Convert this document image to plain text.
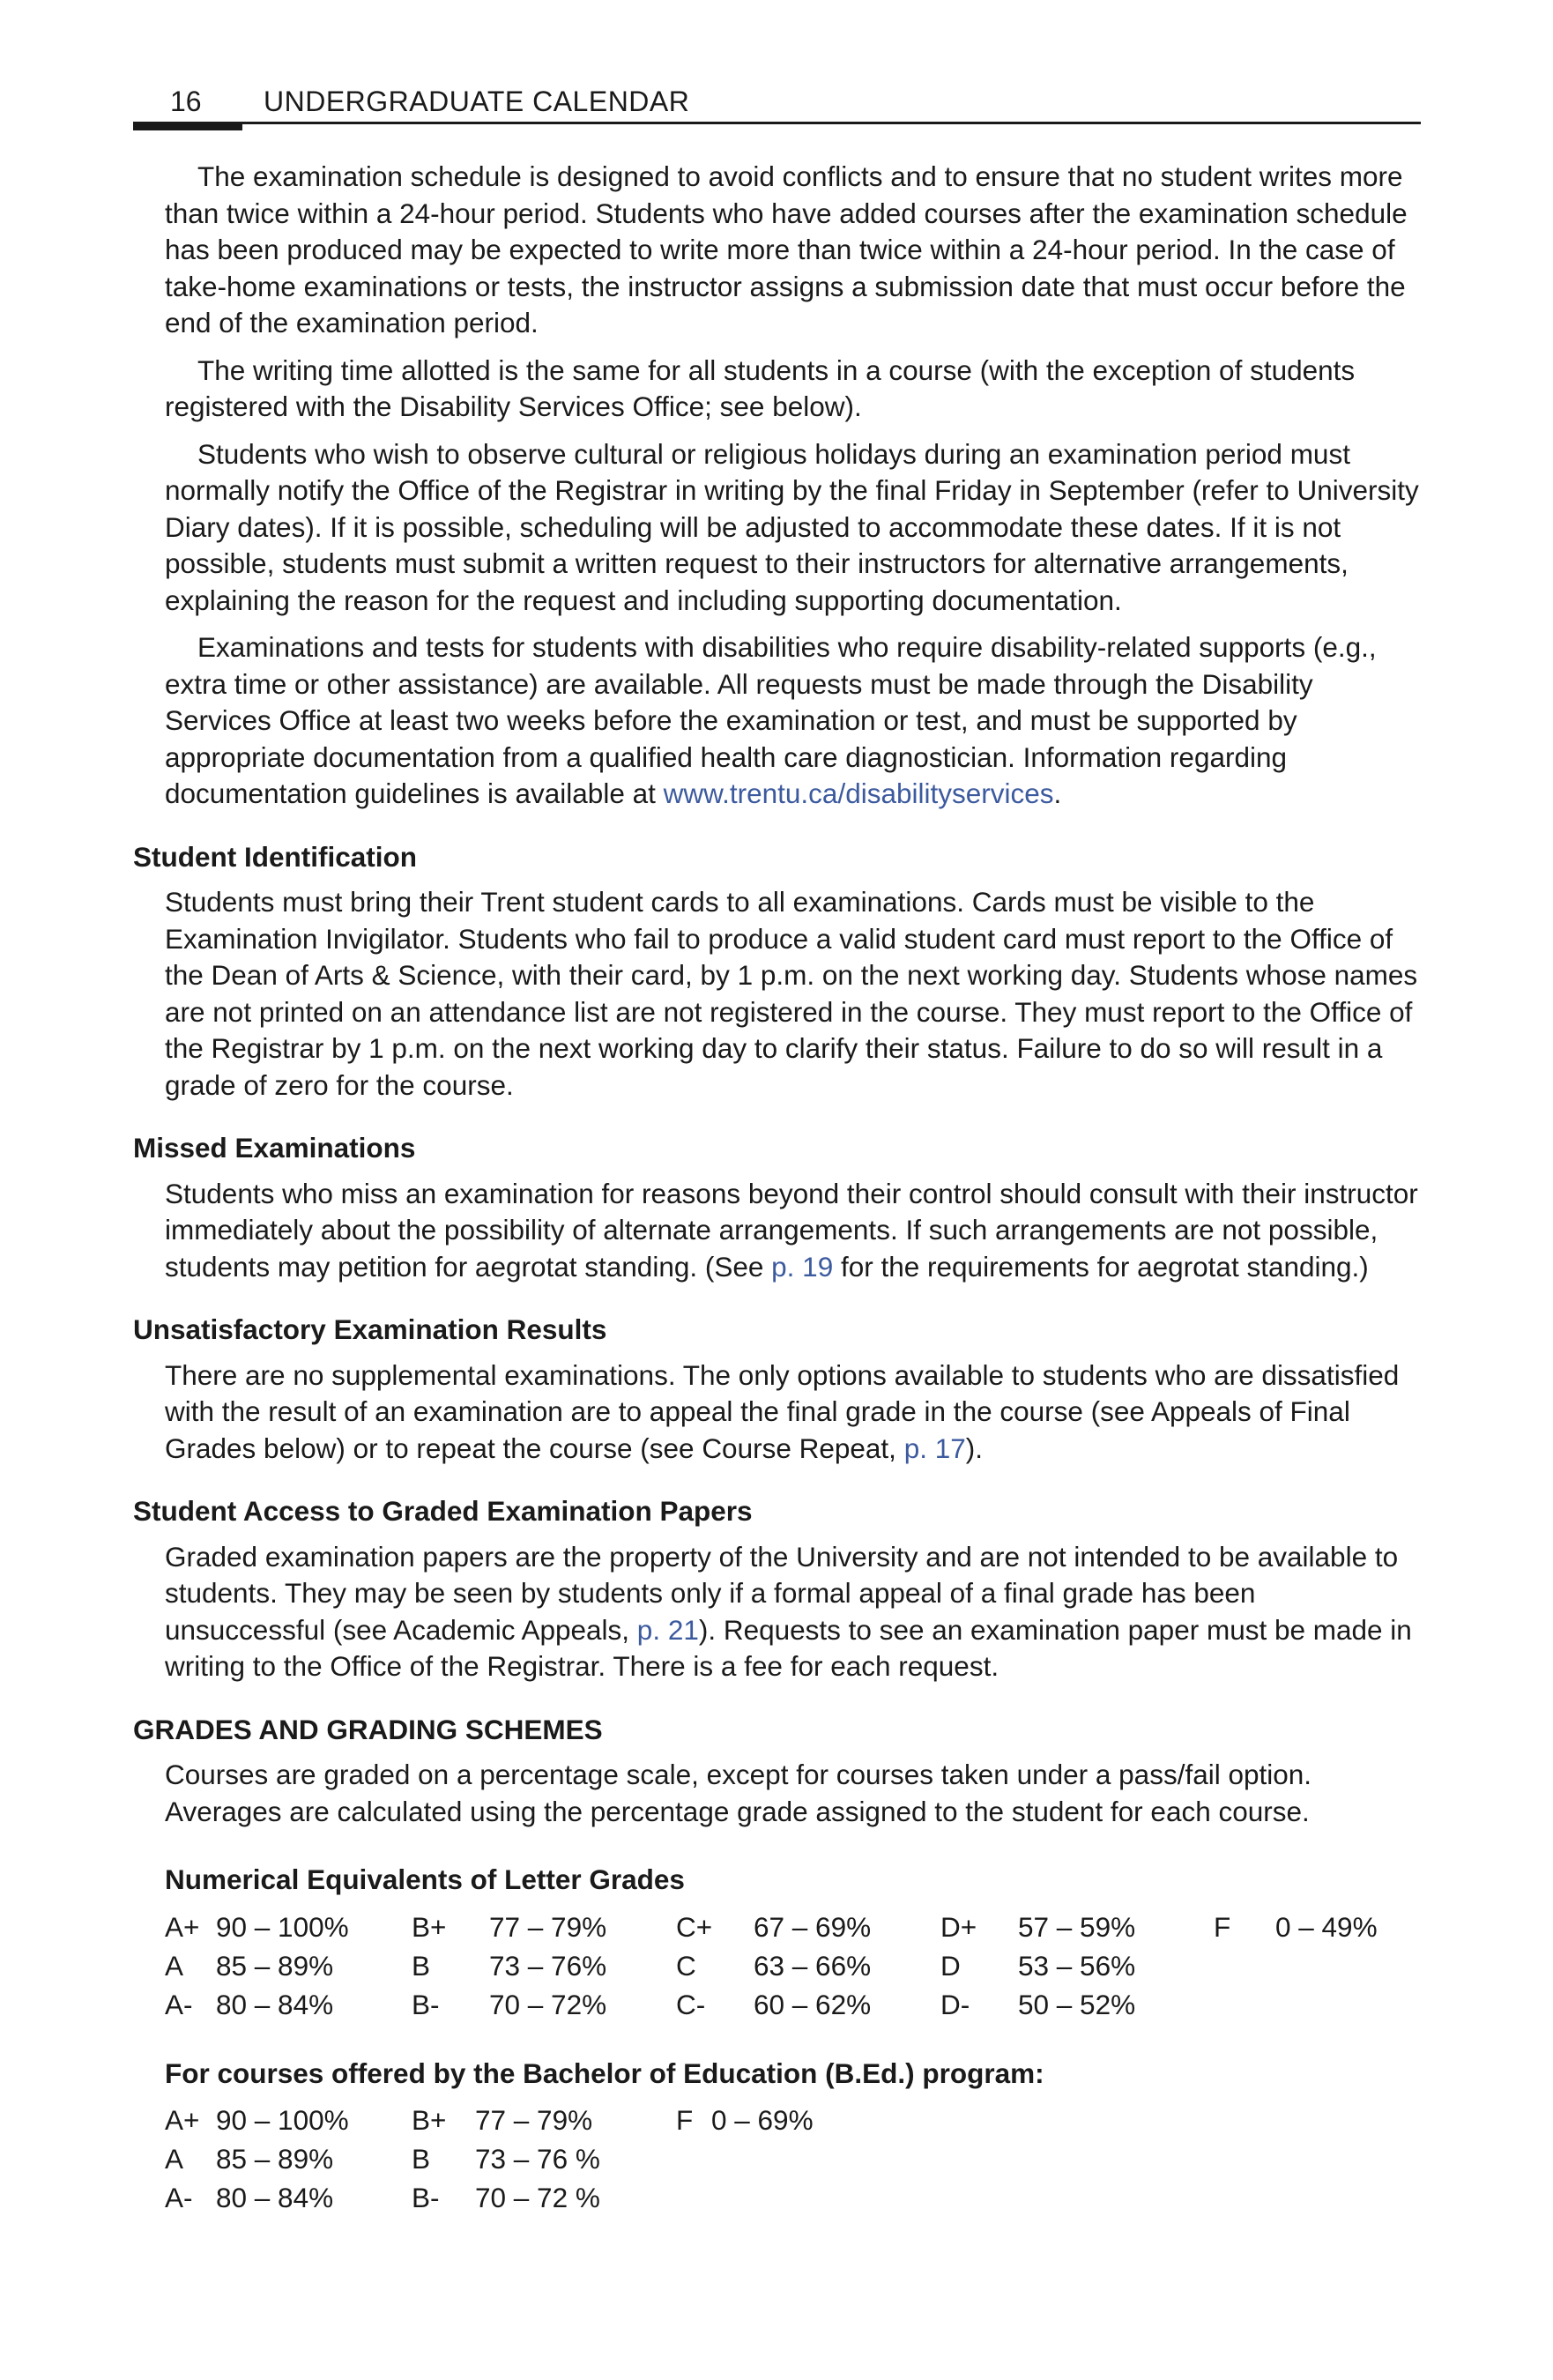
16 UNDERGRADUATE CALENDAR

The examination schedule is designed to avoid conflicts and to ensure that no student writes more than twice within a 24-hour period. Students who have added courses after the examination schedule has been produced may be expected to write more than twice within a 24-hour period. In the case of take-home examinations or tests, the instructor assigns a submission date that must occur before the end of the examination period.

The writing time allotted is the same for all students in a course (with the exception of students registered with the Disability Services Office; see below).

Students who wish to observe cultural or religious holidays during an examination period must normally notify the Office of the Registrar in writing by the final Friday in September (refer to University Diary dates). If it is possible, scheduling will be adjusted to accommodate these dates. If it is not possible, students must submit a written request to their instructors for alternative arrangements, explaining the reason for the request and including supporting documentation.

Examinations and tests for students with disabilities who require disability-related supports (e.g., extra time or other assistance) are available. All requests must be made through the Disability Services Office at least two weeks before the examination or test, and must be supported by appropriate documentation from a qualified health care diagnostician. Information regarding documentation guidelines is available at www.trentu.ca/disabilityservices.

Student Identification

Students must bring their Trent student cards to all examinations. Cards must be visible to the Examination Invigilator. Students who fail to produce a valid student card must report to the Office of the Dean of Arts & Science, with their card, by 1 p.m. on the next working day. Students whose names are not printed on an attendance list are not registered in the course. They must report to the Office of the Registrar by 1 p.m. on the next working day to clarify their status. Failure to do so will result in a grade of zero for the course.

Missed Examinations

Students who miss an examination for reasons beyond their control should consult with their instructor immediately about the possibility of alternate arrangements. If such arrangements are not possible, students may petition for aegrotat standing. (See p. 19 for the requirements for aegrotat standing.)

Unsatisfactory Examination Results

There are no supplemental examinations. The only options available to students who are dissatisfied with the result of an examination are to appeal the final grade in the course (see Appeals of Final Grades below) or to repeat the course (see Course Repeat, p. 17).

Student Access to Graded Examination Papers

Graded examination papers are the property of the University and are not intended to be available to students. They may be seen by students only if a formal appeal of a final grade has been unsuccessful (see Academic Appeals, p. 21). Requests to see an examination paper must be made in writing to the Office of the Registrar. There is a fee for each request.

GRADES AND GRADING SCHEMES

Courses are graded on a percentage scale, except for courses taken under a pass/fail option. Averages are calculated using the percentage grade assigned to the student for each course.

Numerical Equivalents of Letter Grades
A+	90 – 100%	B+	77 – 79%	C+	67 – 69%	D+	57 – 59%	F	0 – 49%
A	85 – 89%	B	73 – 76%	C	63 – 66%	D	53 – 56%		
A-	80 – 84%	B-	70 – 72%	C-	60 – 62%	D-	50 – 52%		
For courses offered by the Bachelor of Education (B.Ed.) program:
A+	90 – 100%	B+	77 – 79%	F	0 – 69%
A	85 – 89%	B	73 – 76 %		
A-	80 – 84%	B-	70 – 72 %		
